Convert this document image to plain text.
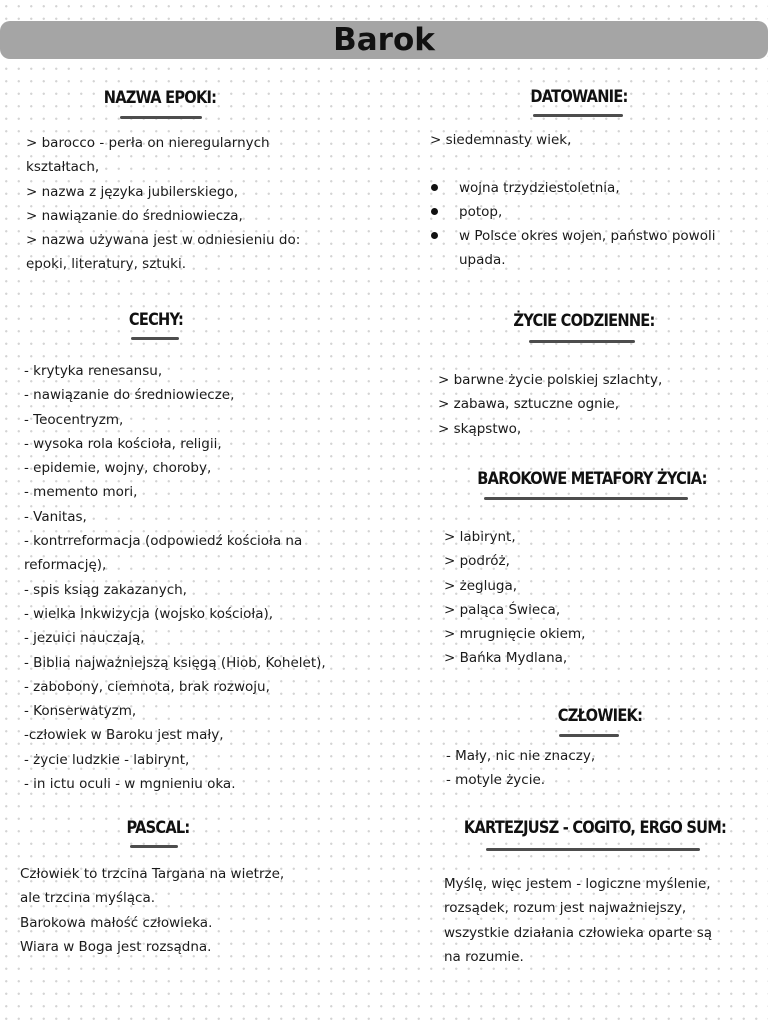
Barok
NAZWA EPOKI:
> barocco - perła on nieregularnych
kształtach,
> nazwa z języka jubilerskiego,
> nawiązanie do średniowiecza,
> nazwa używana jest w odniesieniu do:
epoki, literatury, sztuki.
DATOWANIE:
> siedemnasty wiek,
wojna trzydziestoletnia,
potop,
w Polsce okres wojen, państwo powoli
upada.
CECHY:
- krytyka renesansu,
- nawiązanie do średniowiecze,
- Teocentryzm,
- wysoka rola kościoła, religii,
- epidemie, wojny, choroby,
- memento mori,
- Vanitas,
- kontrreformacja (odpowiedź kościoła na
reformację),
- spis ksiąg zakazanych,
- wielka Inkwizycja (wojsko kościoła),
- jezuici nauczają,
- Biblia najważniejszą księgą (Hiob, Kohelet),
- zabobony, ciemnota, brak rozwoju,
- Konserwatyzm,
-człowiek w Baroku jest mały,
- życie ludzkie - labirynt,
- in ictu oculi - w mgnieniu oka.
ŻYCIE CODZIENNE:
> barwne życie polskiej szlachty,
> zabawa, sztuczne ognie,
> skąpstwo,
BAROKOWE METAFORY ŻYCIA:
> labirynt,
> podróż,
> żegluga,
> paląca Świeca,
> mrugnięcie okiem,
> Bańka Mydlana,
CZŁOWIEK:
- Mały, nic nie znaczy,
- motyle życie.
PASCAL:
Człowiek to trzcina Targana na wietrze,
ale trzcina myśląca.
Barokowa małość człowieka.
Wiara w Boga jest rozsądna.
KARTEZJUSZ - COGITO, ERGO SUM:
Myślę, więc jestem - logiczne myślenie,
rozsądek, rozum jest najważniejszy,
wszystkie działania człowieka oparte są
na rozumie.
